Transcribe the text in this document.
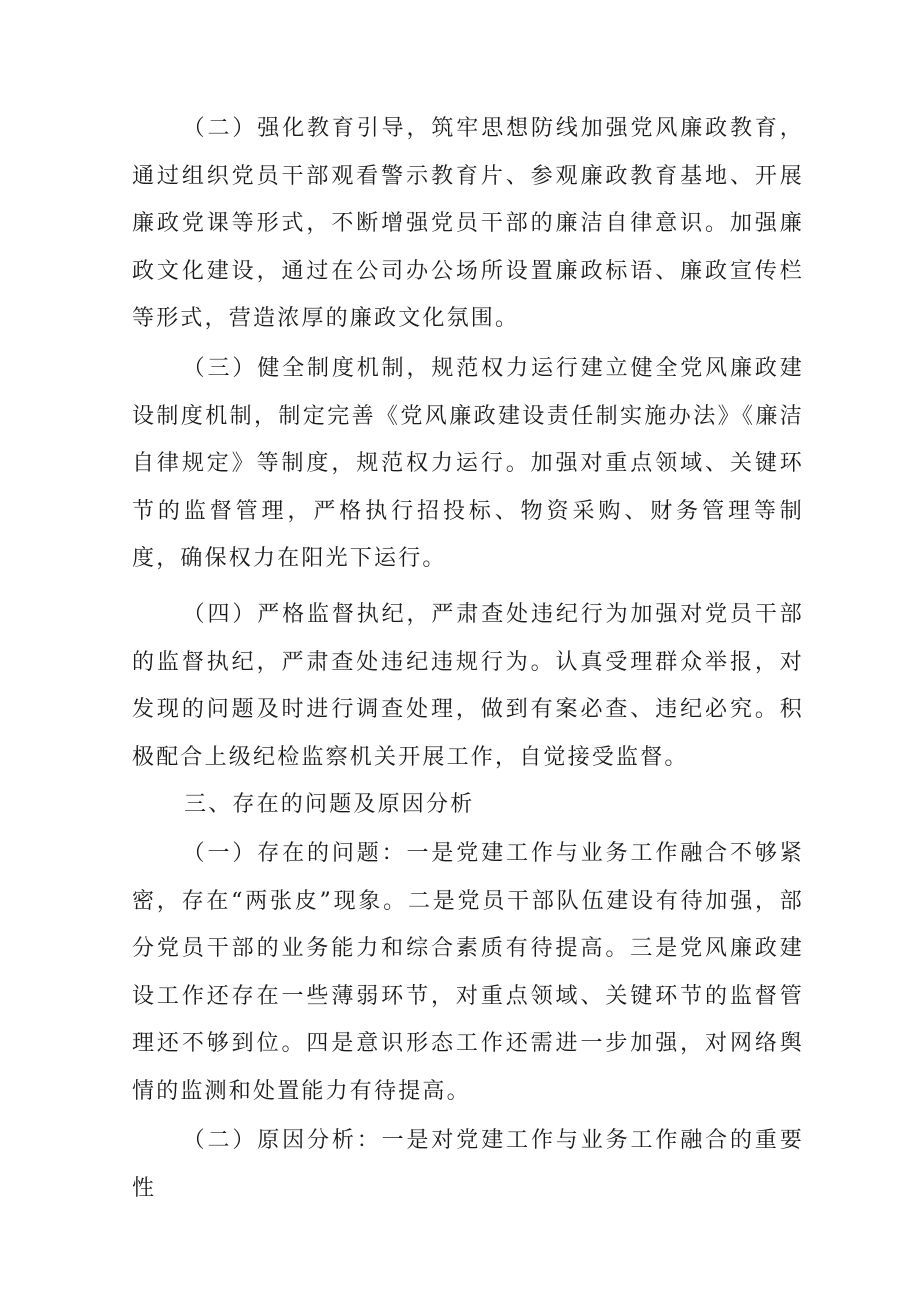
（二）强化教育引导，筑牢思想防线加强党风廉政教育，通过组织党员干部观看警示教育片、参观廉政教育基地、开展廉政党课等形式，不断增强党员干部的廉洁自律意识。加强廉政文化建设，通过在公司办公场所设置廉政标语、廉政宣传栏等形式，营造浓厚的廉政文化氛围。

（三）健全制度机制，规范权力运行建立健全党风廉政建设制度机制，制定完善《党风廉政建设责任制实施办法》《廉洁自律规定》等制度，规范权力运行。加强对重点领域、关键环节的监督管理，严格执行招投标、物资采购、财务管理等制度，确保权力在阳光下运行。

（四）严格监督执纪，严肃查处违纪行为加强对党员干部的监督执纪，严肃查处违纪违规行为。认真受理群众举报，对发现的问题及时进行调查处理，做到有案必查、违纪必究。积极配合上级纪检监察机关开展工作，自觉接受监督。

三、存在的问题及原因分析

（一）存在的问题：一是党建工作与业务工作融合不够紧密，存在“两张皮”现象。二是党员干部队伍建设有待加强，部分党员干部的业务能力和综合素质有待提高。三是党风廉政建设工作还存在一些薄弱环节，对重点领域、关键环节的监督管理还不够到位。四是意识形态工作还需进一步加强，对网络舆情的监测和处置能力有待提高。

（二）原因分析：一是对党建工作与业务工作融合的重要性
